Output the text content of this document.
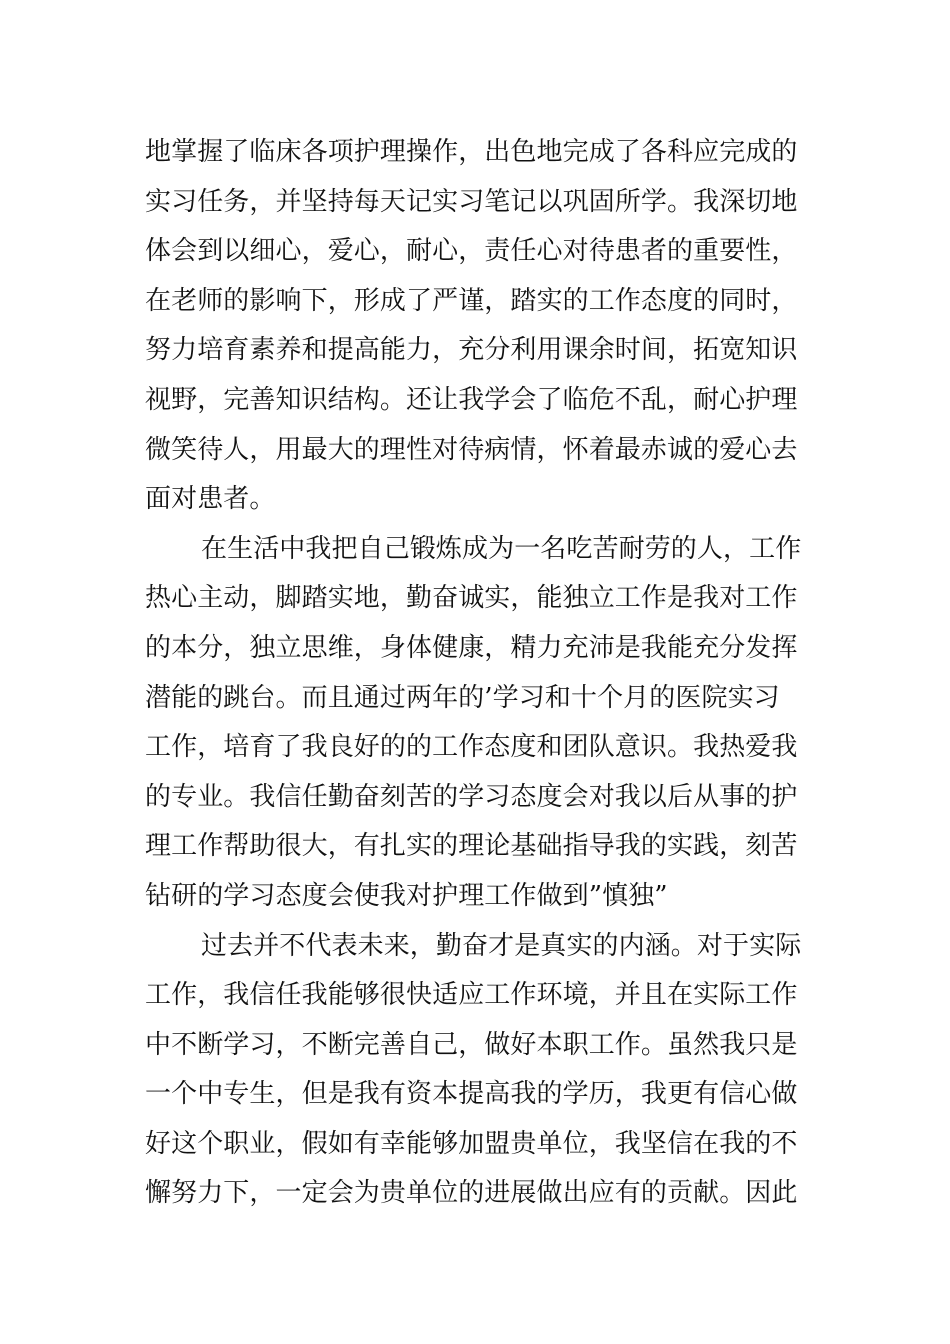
地掌握了临床各项护理操作，出色地完成了各科应完成的
实习任务，并坚持每天记实习笔记以巩固所学。我深切地
体会到以细心，爱心，耐心，责任心对待患者的重要性，
在老师的影响下，形成了严谨，踏实的工作态度的同时，
努力培育素养和提高能力，充分利用课余时间，拓宽知识
视野，完善知识结构。还让我学会了临危不乱，耐心护理
微笑待人，用最大的理性对待病情，怀着最赤诚的爱心去
面对患者。
在生活中我把自己锻炼成为一名吃苦耐劳的人，工作
热心主动，脚踏实地，勤奋诚实，能独立工作是我对工作
的本分，独立思维，身体健康，精力充沛是我能充分发挥
潜能的跳台。而且通过两年的’学习和十个月的医院实习
工作，培育了我良好的的工作态度和团队意识。我热爱我
的专业。我信任勤奋刻苦的学习态度会对我以后从事的护
理工作帮助很大，有扎实的理论基础指导我的实践，刻苦
钻研的学习态度会使我对护理工作做到”慎独”
过去并不代表未来，勤奋才是真实的内涵。对于实际
工作，我信任我能够很快适应工作环境，并且在实际工作
中不断学习，不断完善自己，做好本职工作。虽然我只是
一个中专生，但是我有资本提高我的学历，我更有信心做
好这个职业，假如有幸能够加盟贵单位，我坚信在我的不
懈努力下，一定会为贵单位的进展做出应有的贡献。因此
